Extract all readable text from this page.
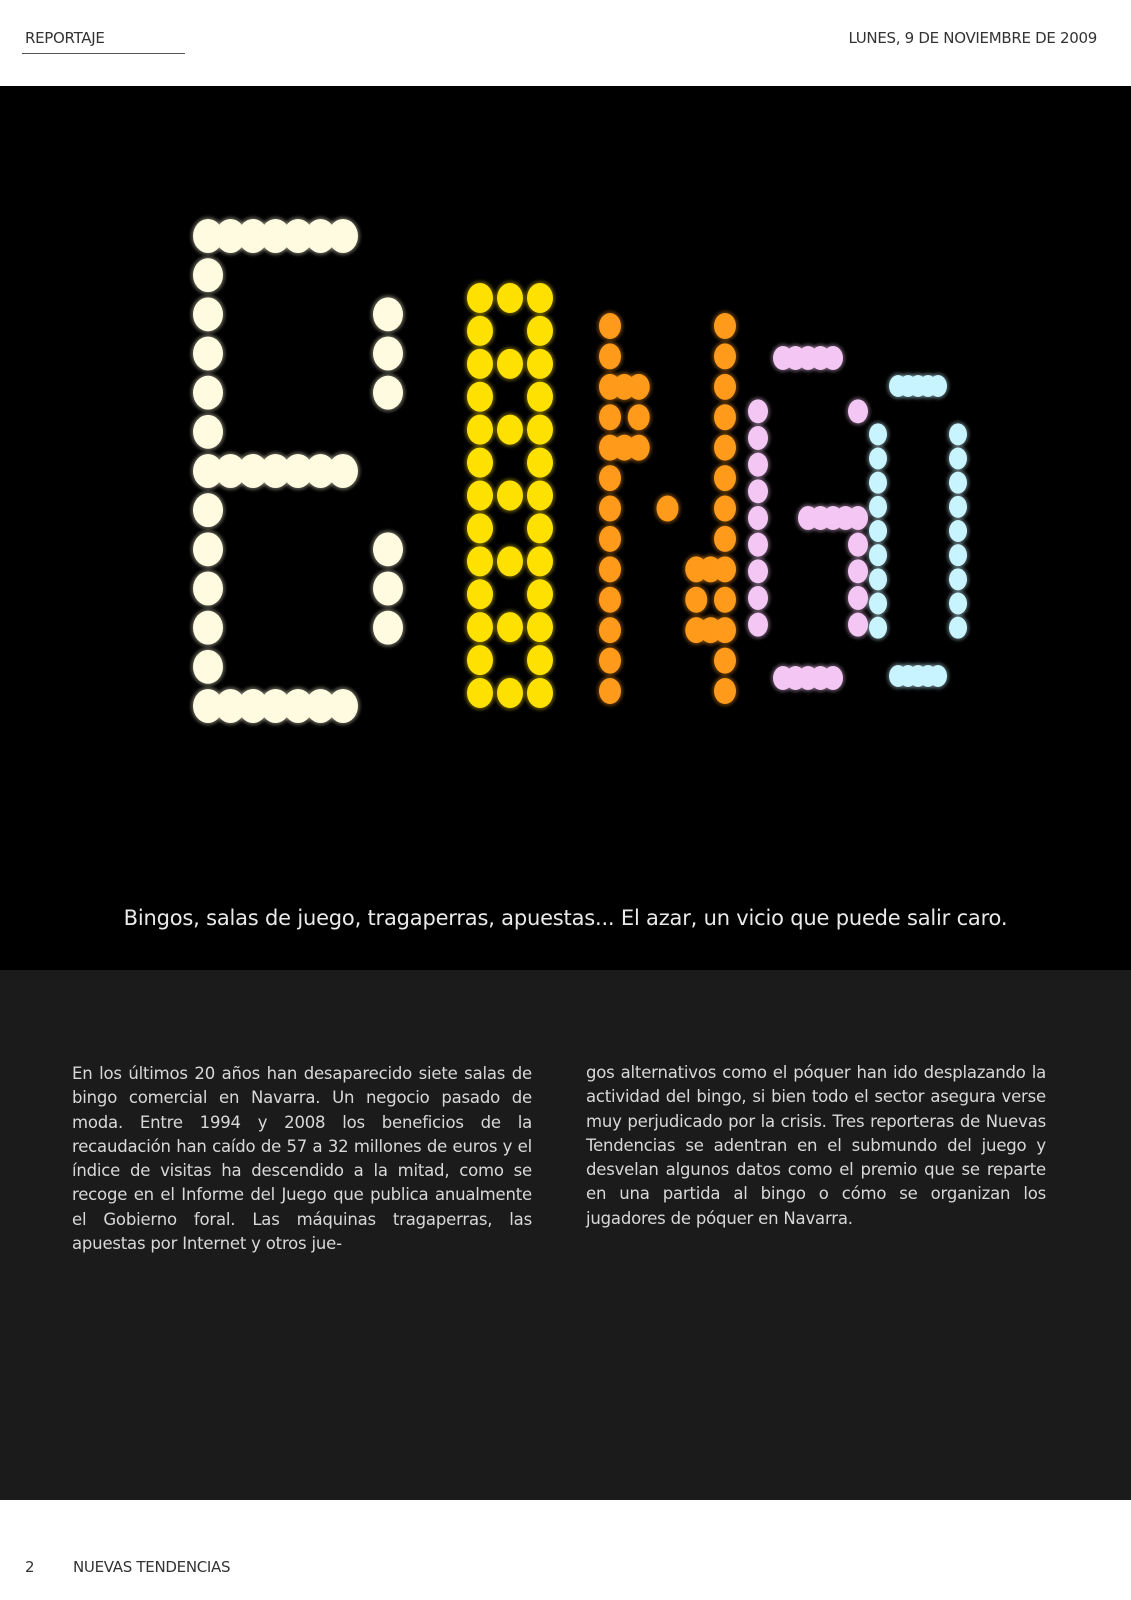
REPORTAJE	LUNES, 9 DE NOVIEMBRE DE 2009
Bingos, salas de juego, tragaperras, apuestas... El azar, un vicio que puede salir caro.
En los últimos 20 años han desaparecido siete salas de bingo comercial en Navarra. Un negocio pasado de moda. Entre 1994 y 2008 los beneficios de la recaudación han caído de 57 a 32 millones de euros y el índice de visitas ha descendido a la mitad, como se recoge en el Informe del Juego que publica anualmente el Gobierno foral. Las máquinas tragaperras, las apuestas por Internet y otros jue-
gos alternativos como el póquer han ido desplazando la actividad del bingo, si bien todo el sector asegura verse muy perjudicado por la crisis. Tres reporteras de Nuevas Tendencias se adentran en el submundo del juego y desvelan algunos datos como el premio que se reparte en una partida al bingo o cómo se organizan los jugadores de póquer en Navarra.
2	NUEVAS TENDENCIAS
